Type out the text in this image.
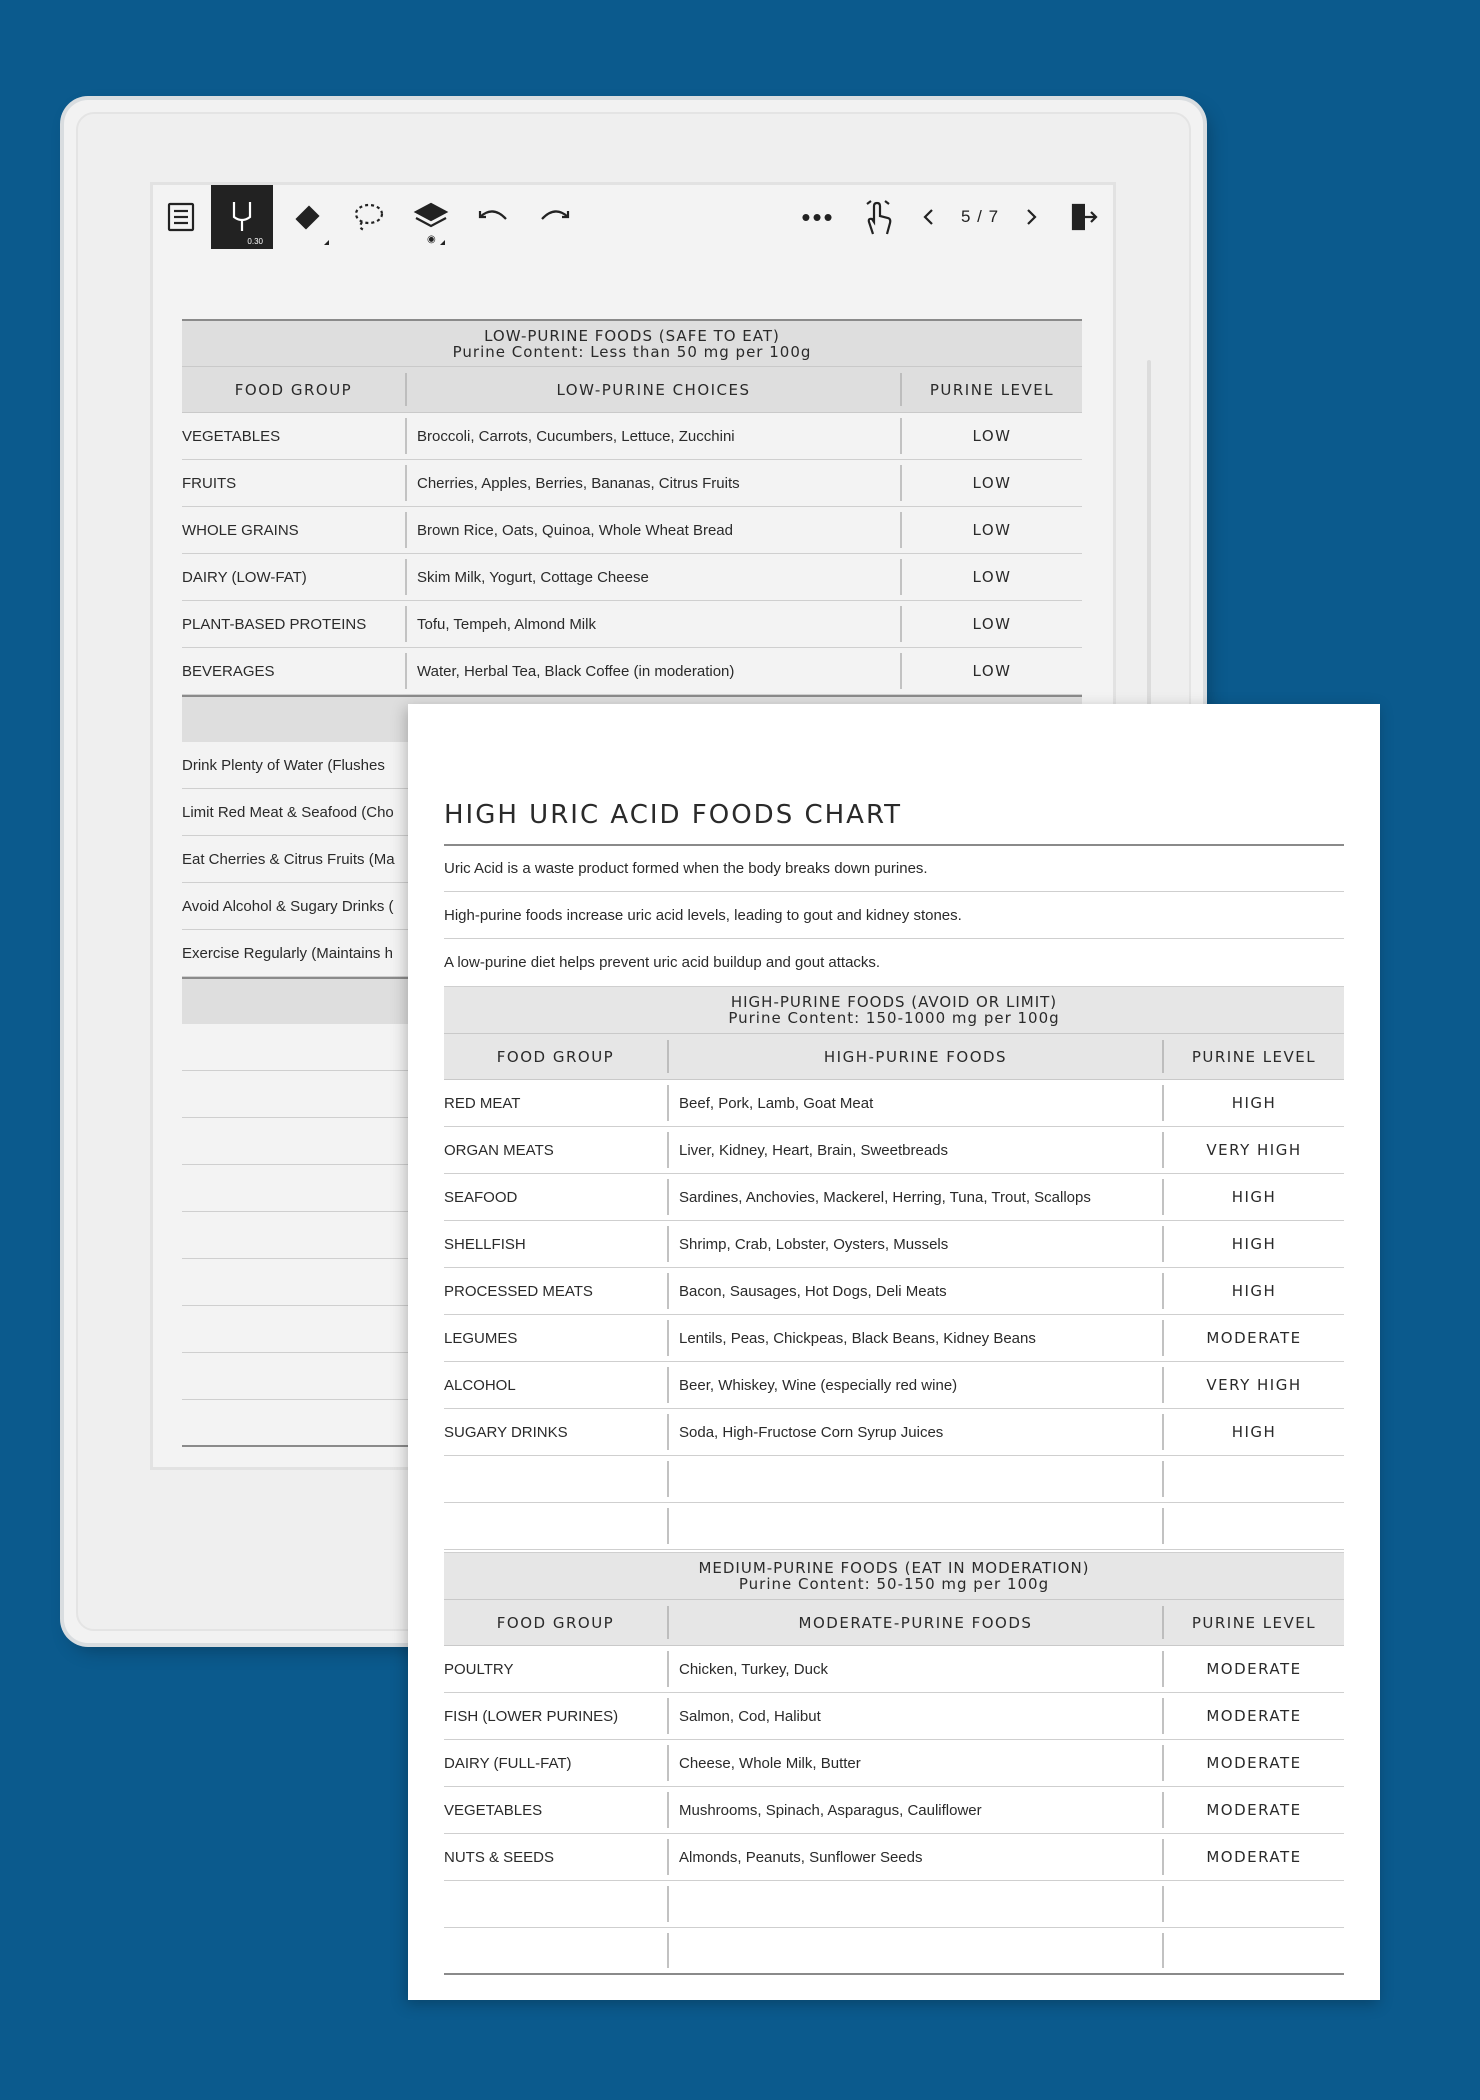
0.30	◉
•••	5 / 7
LOW-PURINE FOODS (SAFE TO EAT)
Purine Content: Less than 50 mg per 100g
FOOD GROUP	LOW-PURINE CHOICES	PURINE LEVEL
VEGETABLES	Broccoli, Carrots, Cucumbers, Lettuce, Zucchini	LOW
FRUITS	Cherries, Apples, Berries, Bananas, Citrus Fruits	LOW
WHOLE GRAINS	Brown Rice, Oats, Quinoa, Whole Wheat Bread	LOW
DAIRY (LOW-FAT)	Skim Milk, Yogurt, Cottage Cheese	LOW
PLANT-BASED PROTEINS	Tofu, Tempeh, Almond Milk	LOW
BEVERAGES	Water, Herbal Tea, Black Coffee (in moderation)	LOW
Drink Plenty of Water (Flushes
Limit Red Meat & Seafood (Cho
Eat Cherries & Citrus Fruits (Ma
Avoid Alcohol & Sugary Drinks (
Exercise Regularly (Maintains h
HIGH URIC ACID FOODS CHART
Uric Acid is a waste product formed when the body breaks down purines.
High-purine foods increase uric acid levels, leading to gout and kidney stones.
A low-purine diet helps prevent uric acid buildup and gout attacks.
HIGH-PURINE FOODS (AVOID OR LIMIT)
Purine Content: 150-1000 mg per 100g
FOOD GROUP	HIGH-PURINE FOODS	PURINE LEVEL
RED MEAT	Beef, Pork, Lamb, Goat Meat	HIGH
ORGAN MEATS	Liver, Kidney, Heart, Brain, Sweetbreads	VERY HIGH
SEAFOOD	Sardines, Anchovies, Mackerel, Herring, Tuna, Trout, Scallops	HIGH
SHELLFISH	Shrimp, Crab, Lobster, Oysters, Mussels	HIGH
PROCESSED MEATS	Bacon, Sausages, Hot Dogs, Deli Meats	HIGH
LEGUMES	Lentils, Peas, Chickpeas, Black Beans, Kidney Beans	MODERATE
ALCOHOL	Beer, Whiskey, Wine (especially red wine)	VERY HIGH
SUGARY DRINKS	Soda, High-Fructose Corn Syrup Juices	HIGH
MEDIUM-PURINE FOODS (EAT IN MODERATION)
Purine Content: 50-150 mg per 100g
FOOD GROUP	MODERATE-PURINE FOODS	PURINE LEVEL
POULTRY	Chicken, Turkey, Duck	MODERATE
FISH (LOWER PURINES)	Salmon, Cod, Halibut	MODERATE
DAIRY (FULL-FAT)	Cheese, Whole Milk, Butter	MODERATE
VEGETABLES	Mushrooms, Spinach, Asparagus, Cauliflower	MODERATE
NUTS & SEEDS	Almonds, Peanuts, Sunflower Seeds	MODERATE
